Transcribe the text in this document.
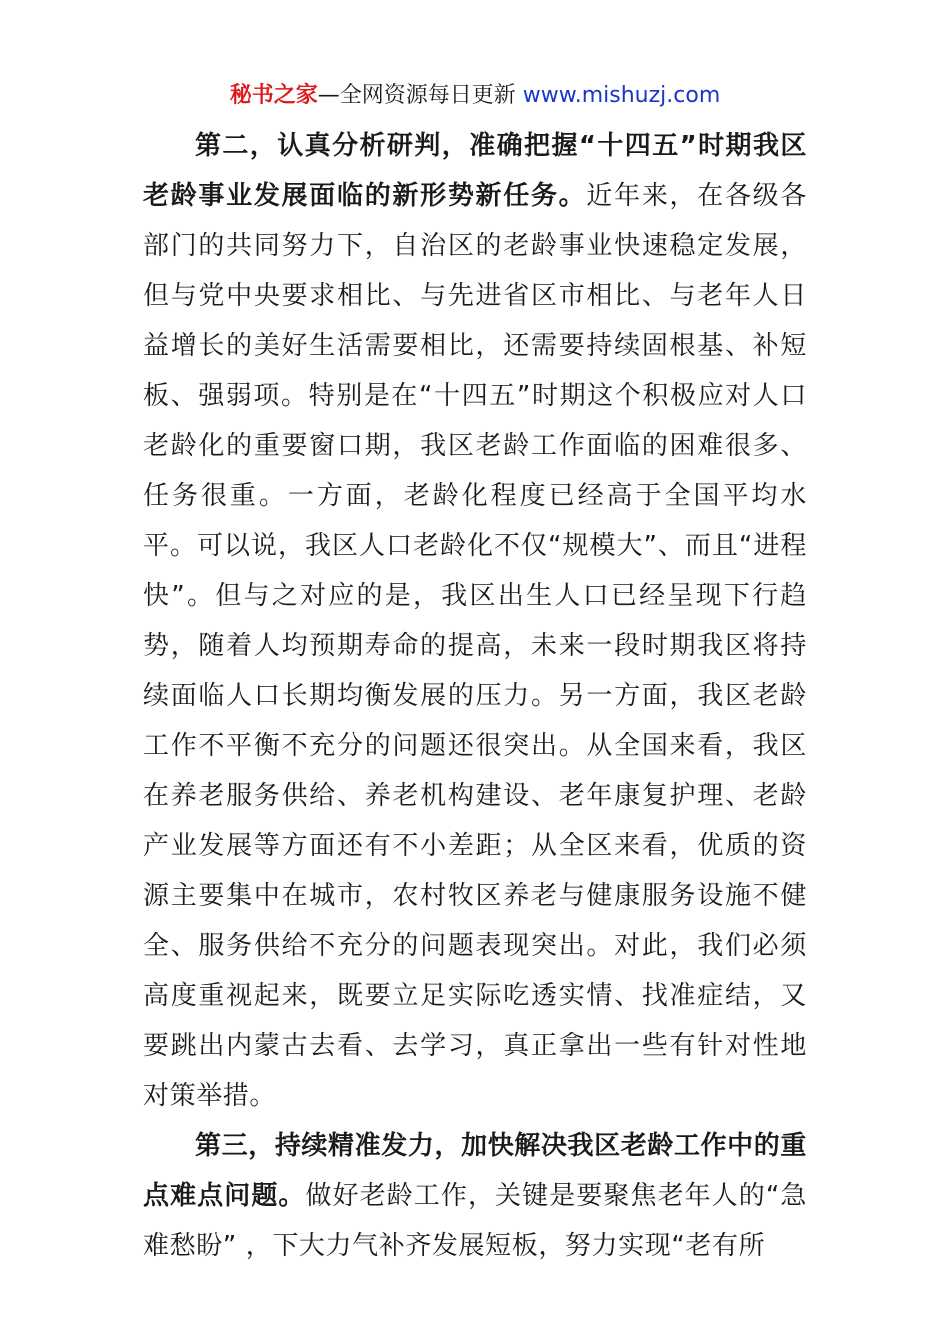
秘书之家—全网资源每日更新 www.mishuzj.com

第二，认真分析研判，准确把握“十四五”时期我区老龄事业发展面临的新形势新任务。近年来，在各级各部门的共同努力下，自治区的老龄事业快速稳定发展，但与党中央要求相比、与先进省区市相比、与老年人日益增长的美好生活需要相比，还需要持续固根基、补短板、强弱项。特别是在“十四五”时期这个积极应对人口老龄化的重要窗口期，我区老龄工作面临的困难很多、任务很重。一方面，老龄化程度已经高于全国平均水平。可以说，我区人口老龄化不仅“规模大”、而且“进程快”。但与之对应的是，我区出生人口已经呈现下行趋势，随着人均预期寿命的提高，未来一段时期我区将持续面临人口长期均衡发展的压力。另一方面，我区老龄工作不平衡不充分的问题还很突出。从全国来看，我区在养老服务供给、养老机构建设、老年康复护理、老龄产业发展等方面还有不小差距；从全区来看，优质的资源主要集中在城市，农村牧区养老与健康服务设施不健全、服务供给不充分的问题表现突出。对此，我们必须高度重视起来，既要立足实际吃透实情、找准症结，又要跳出内蒙古去看、去学习，真正拿出一些有针对性地对策举措。

第三，持续精准发力，加快解决我区老龄工作中的重点难点问题。做好老龄工作，关键是要聚焦老年人的“急难愁盼” ，下大力气补齐发展短板，努力实现“老有所
